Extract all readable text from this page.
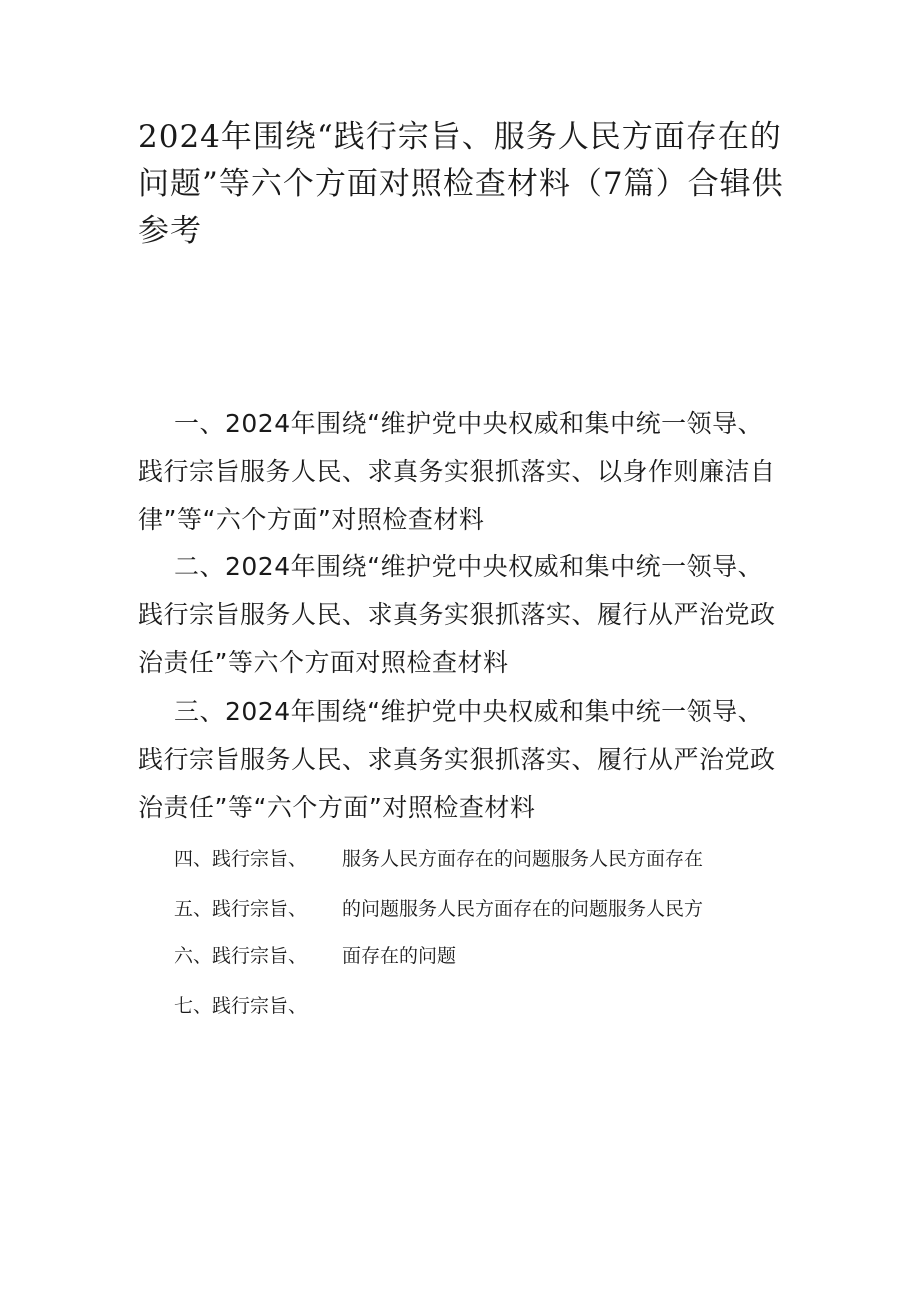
2024年围绕“践行宗旨、服务人民方面存在的问题”等六个方面对照检查材料（7篇）合辑供参考
一、2024年围绕“维护党中央权威和集中统一领导、践行宗旨服务人民、求真务实狠抓落实、以身作则廉洁自律”等“六个方面”对照检查材料
二、2024年围绕“维护党中央权威和集中统一领导、践行宗旨服务人民、求真务实狠抓落实、履行从严治党政治责任”等六个方面对照检查材料
三、2024年围绕“维护党中央权威和集中统一领导、践行宗旨服务人民、求真务实狠抓落实、履行从严治党政治责任”等“六个方面”对照检查材料
四、践行宗旨、 服务人民方面存在的问题服务人民方面存在
五、践行宗旨、 的问题服务人民方面存在的问题服务人民方
六、践行宗旨、 面存在的问题
七、践行宗旨、
